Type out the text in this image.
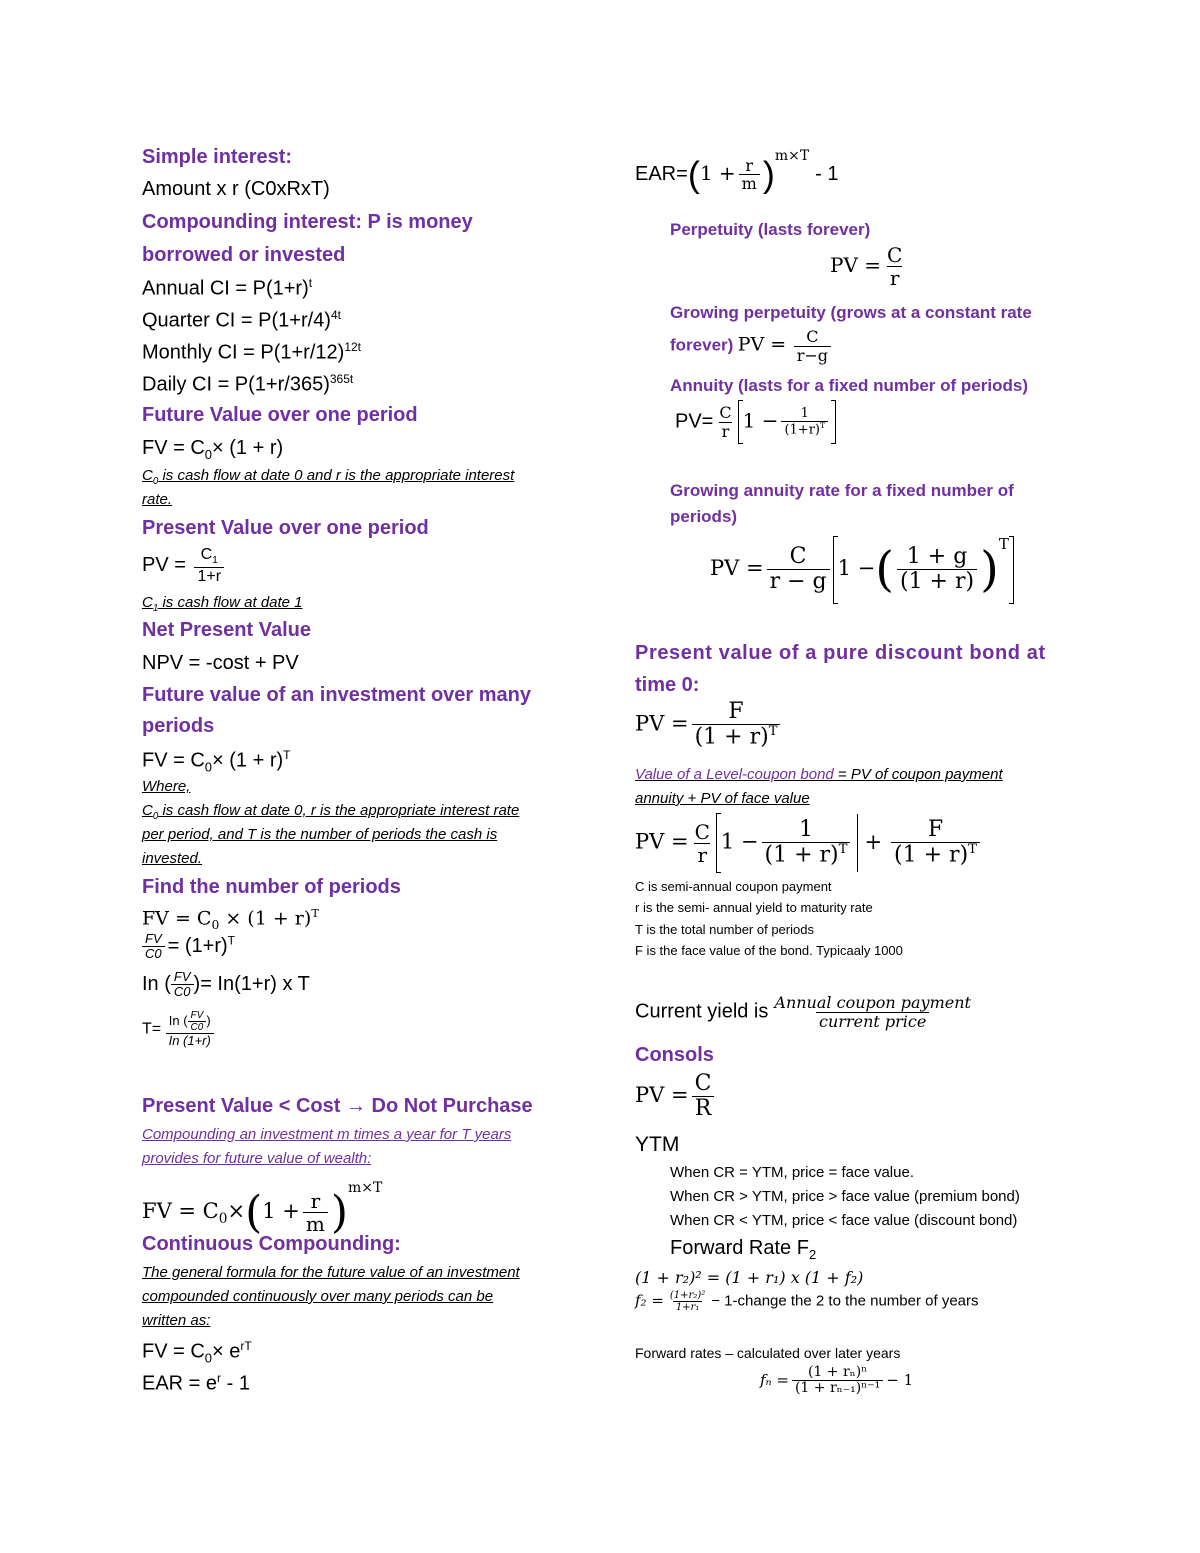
Simple interest:
Amount x r (C0xRxT)
Compounding interest: P is money
borrowed or invested
Annual CI = $P(1+r)^t$
Quarter CI = $P(1+r/4)^{4t}$
Monthly CI = $P(1+r/12)^{12t}$
Daily CI = $P(1+r/365)^{365t}$
Future Value over one period
FV = $C_0\times (1 + r)$
$C_0$ is cash flow at date 0 and r is the appropriate interest
rate.
Present Value over one period
PV = $\frac{C_1}{1+r}$
$C_1$ is cash flow at date 1
Net Present Value
NPV = -cost + PV
Future value of an investment over many
periods
FV = $C_0\times (1 + r)^T$
Where,
$C_0$ is cash flow at date 0, r is the appropriate interest rate
per period, and T is the number of periods the cash is
invested.
Find the number of periods
FV = $C_0 \times (1 + r)^T$
$\frac{FV}{C0} = (1+r)^T$
In ( $\frac{FV}{C0}$ )= In(1+r) x T
$T= \frac{In ( \frac{FV}{C0} )}{In (1+r)}$
Present Value < Cost → Do Not Purchase
Compounding an investment m times a year for T years
provides for future value of wealth:
FV = $C_0\times(1 + \frac{r}{m} )^{m\times T}$
Continuous Compounding:
The general formula for the future value of an investment
compounded continuously over many periods can be
written as:
FV = $C_0\times e^{rT}$
EAR = $e^r - 1$
$EAR=(1 + \frac{r}{m} )^{m\times T}-$ 1
Perpetuity (lasts forever)
PV = $\frac{C}{r}$
Growing perpetuity (grows at a constant rate
forever) PV = $\frac{C}{r-g}$
Annuity (lasts for a fixed number of periods)
$PV= \frac{C}{r} 1 - \frac{1}{(1+r)^T}$
Growing annuity rate for a fixed number of
periods)
PV = $\frac{C}{r - g} 1$ −( $\frac{1 + g}{(1 + r)} )^T$
Present value of a pure discount bond at
time 0:
PV = $\frac{F}{(1 + r)^T}$
Value of a Level-coupon bond = PV of coupon payment
annuity + PV of face value
PV = $\frac{C}{r} 1 - \frac{1}{(1 + r)^T} + \frac{F}{(1 + r)^T}$
C is semi-annual coupon payment
r is the semi- annual yield to maturity rate
T is the total number of periods
F is the face value of the bond. Typicaaly 1000
Current yield is $\frac{\text{Annual coupon payment}}{\text{current price}}$
Consols
PV = $\frac{C}{R}$
YTM
When CR = YTM, price = face value.
When CR > YTM, price > face value (premium bond)
When CR < YTM, price < face value (discount bond)
Forward Rate $F_2$
(1 + r₂)² = (1 + r₁) x (1 + f₂)
$f_2 = \frac{\text{(1+r₂)²}}{\text{1+r₁}}$ − 1-change the 2 to the number of years
Forward rates – calculated over later years
$f_n = \frac{\text{(1 + rₙ)ⁿ}}{\text{(1 + rₙ₋₁)ⁿ⁻¹}} - 1$
